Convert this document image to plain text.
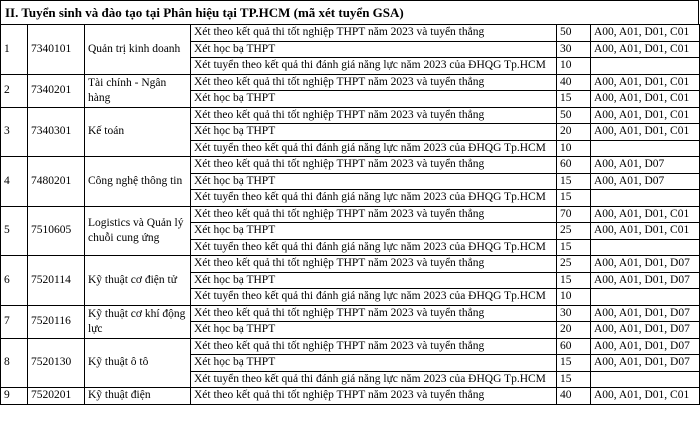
II. Tuyển sinh và đào tạo tại Phân hiệu tại TP.HCM (mã xét tuyển GSA)
1	7340101	Quản trị kinh doanh	Xét theo kết quả thi tốt nghiệp THPT năm 2023 và tuyển thẳng	50	A00, A01, D01, C01
			Xét học bạ THPT	30	A00, A01, D01, C01
			Xét tuyển theo kết quả thi đánh giá năng lực năm 2023 của ĐHQG Tp.HCM	10	
2	7340201	Tài chính - Ngân hàng	Xét theo kết quả thi tốt nghiệp THPT năm 2023 và tuyển thẳng	40	A00, A01, D01, C01
			Xét học bạ THPT	15	A00, A01, D01, C01
3	7340301	Kế toán	Xét theo kết quả thi tốt nghiệp THPT năm 2023 và tuyển thẳng	50	A00, A01, D01, C01
			Xét học bạ THPT	20	A00, A01, D01, C01
			Xét tuyển theo kết quả thi đánh giá năng lực năm 2023 của ĐHQG Tp.HCM	10	
4	7480201	Công nghệ thông tin	Xét theo kết quả thi tốt nghiệp THPT năm 2023 và tuyển thẳng	60	A00, A01, D07
			Xét học bạ THPT	15	A00, A01, D07
			Xét tuyển theo kết quả thi đánh giá năng lực năm 2023 của ĐHQG Tp.HCM	15	
5	7510605	Logistics và Quản lý chuỗi cung ứng	Xét theo kết quả thi tốt nghiệp THPT năm 2023 và tuyển thẳng	70	A00, A01, D01, C01
			Xét học bạ THPT	25	A00, A01, D01, C01
			Xét tuyển theo kết quả thi đánh giá năng lực năm 2023 của ĐHQG Tp.HCM	15	
6	7520114	Kỹ thuật cơ điện tử	Xét theo kết quả thi tốt nghiệp THPT năm 2023 và tuyển thẳng	25	A00, A01, D01, D07
			Xét học bạ THPT	15	A00, A01, D01, D07
			Xét tuyển theo kết quả thi đánh giá năng lực năm 2023 của ĐHQG Tp.HCM	10	
7	7520116	Kỹ thuật cơ khí động lực	Xét theo kết quả thi tốt nghiệp THPT năm 2023 và tuyển thẳng	30	A00, A01, D01, D07
			Xét học bạ THPT	20	A00, A01, D01, D07
8	7520130	Kỹ thuật ô tô	Xét theo kết quả thi tốt nghiệp THPT năm 2023 và tuyển thẳng	60	A00, A01, D01, D07
			Xét học bạ THPT	15	A00, A01, D01, D07
			Xét tuyển theo kết quả thi đánh giá năng lực năm 2023 của ĐHQG Tp.HCM	15	
9	7520201	Kỹ thuật điện	Xét theo kết quả thi tốt nghiệp THPT năm 2023 và tuyển thẳng	40	A00, A01, D01, C01
